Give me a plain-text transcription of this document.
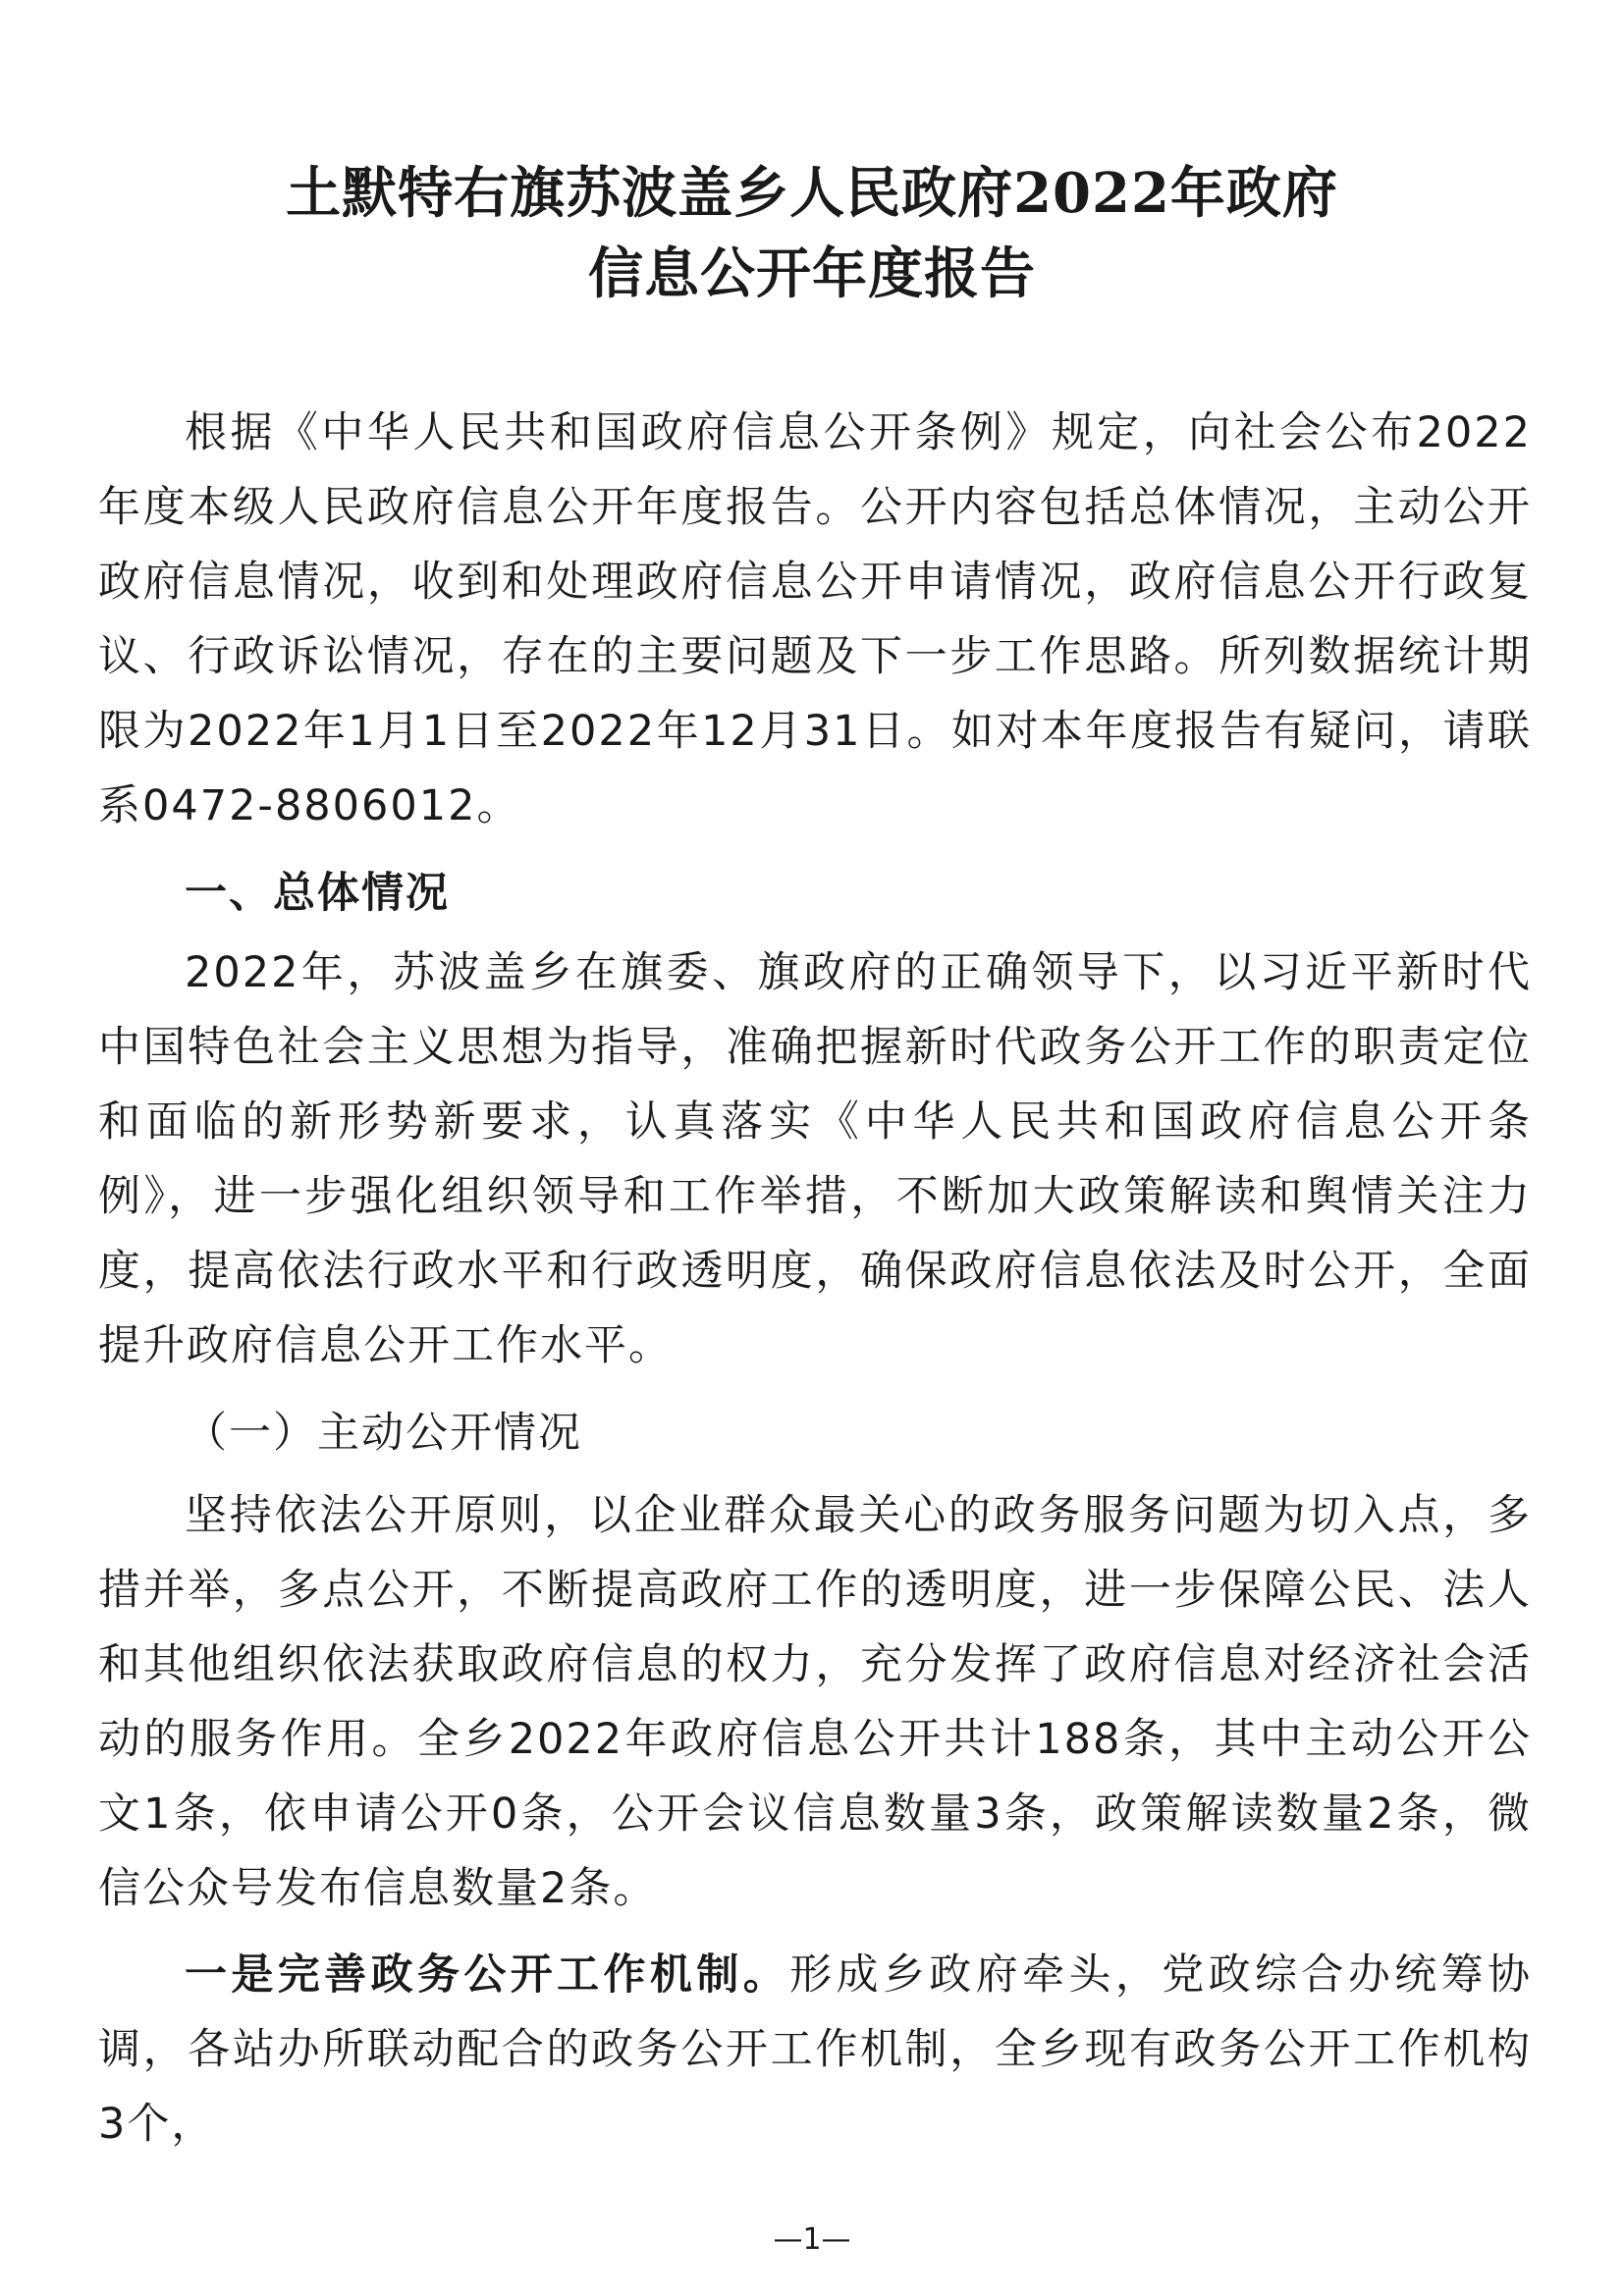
土默特右旗苏波盖乡人民政府2022年政府
信息公开年度报告

根据《中华人民共和国政府信息公开条例》规定，向社会公布2022年度本级人民政府信息公开年度报告。公开内容包括总体情况，主动公开政府信息情况，收到和处理政府信息公开申请情况，政府信息公开行政复议、行政诉讼情况，存在的主要问题及下一步工作思路。所列数据统计期限为2022年1月1日至2022年12月31日。如对本年度报告有疑问，请联系0472-8806012。

一、总体情况

2022年，苏波盖乡在旗委、旗政府的正确领导下，以习近平新时代中国特色社会主义思想为指导，准确把握新时代政务公开工作的职责定位和面临的新形势新要求，认真落实《中华人民共和国政府信息公开条例》，进一步强化组织领导和工作举措，不断加大政策解读和舆情关注力度，提高依法行政水平和行政透明度，确保政府信息依法及时公开，全面提升政府信息公开工作水平。

（一）主动公开情况

坚持依法公开原则，以企业群众最关心的政务服务问题为切入点，多措并举，多点公开，不断提高政府工作的透明度，进一步保障公民、法人和其他组织依法获取政府信息的权力，充分发挥了政府信息对经济社会活动的服务作用。全乡2022年政府信息公开共计188条，其中主动公开公文1条，依申请公开0条，公开会议信息数量3条，政策解读数量2条，微信公众号发布信息数量2条。

一是完善政务公开工作机制。形成乡政府牵头，党政综合办统筹协调，各站办所联动配合的政务公开工作机制，全乡现有政务公开工作机构3个，

—1—
